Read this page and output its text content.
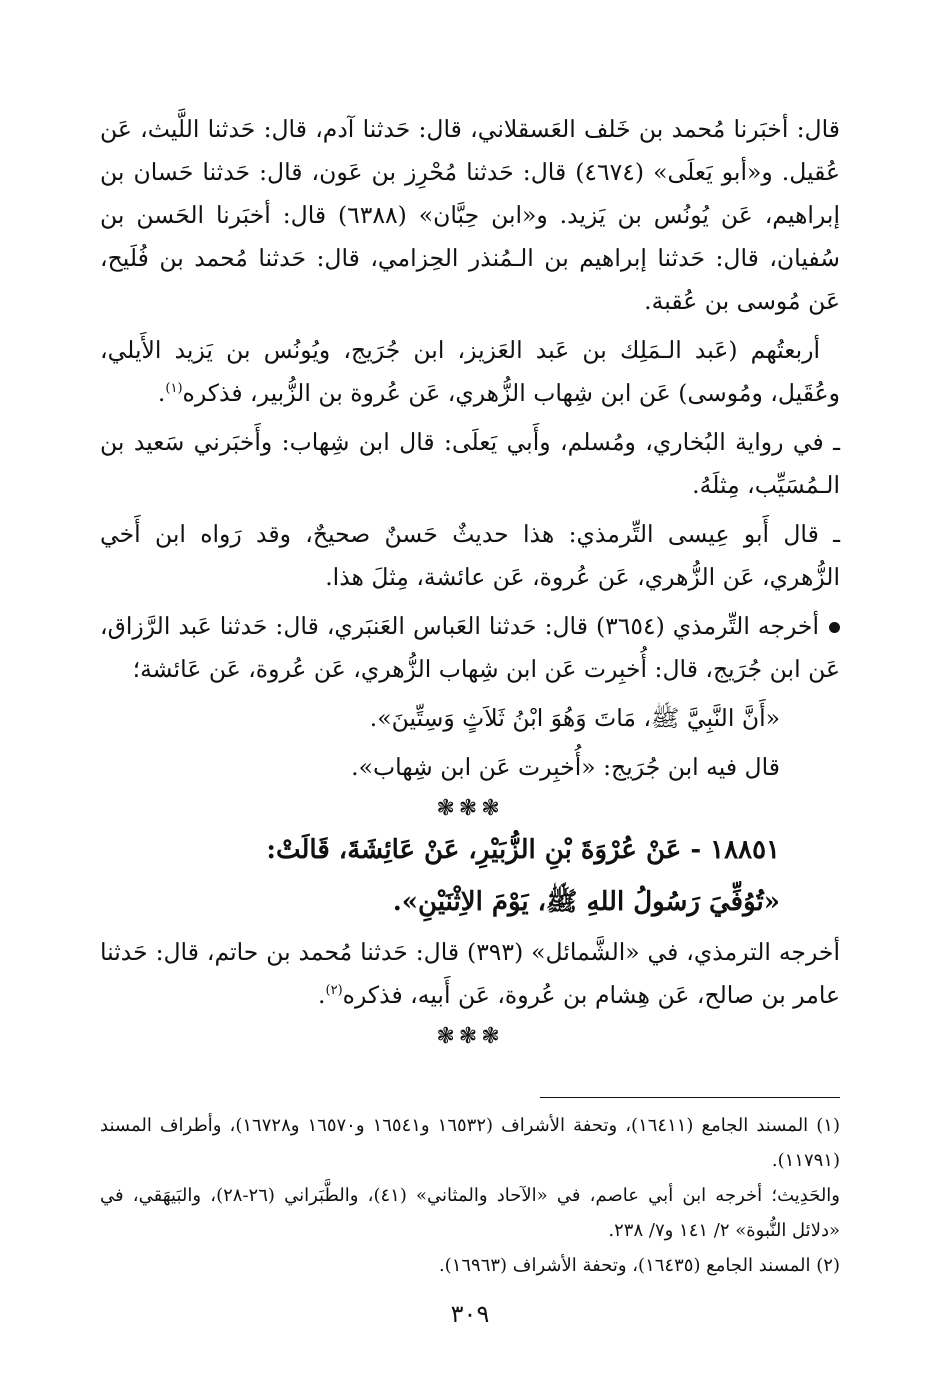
قال: أخبَرنا مُحمد بن خَلف العَسقلاني، قال: حَدثنا آدم، قال: حَدثنا اللَّيث، عَن عُقيل. و«أبو يَعلَى» (٤٦٧٤) قال: حَدثنا مُحْرِز بن عَون، قال: حَدثنا حَسان بن إبراهيم، عَن يُونُس بن يَزيد. و«ابن حِبَّان» (٦٣٨٨) قال: أخبَرنا الحَسن بن سُفيان، قال: حَدثنا إبراهيم بن الـمُنذر الحِزامي، قال: حَدثنا مُحمد بن فُلَيح، عَن مُوسى بن عُقبة.

أربعتُهم (عَبد الـمَلِك بن عَبد العَزيز، ابن جُرَيج، ويُونُس بن يَزيد الأَيلي، وعُقَيل، ومُوسى) عَن ابن شِهاب الزُّهري، عَن عُروة بن الزُّبير، فذكره$^{(١)}$.

ـ في رواية البُخاري، ومُسلم، وأَبي يَعلَى: قال ابن شِهاب: وأَخبَرني سَعيد بن الـمُسَيِّب، مِثلَهُ.

ـ قال أَبو عِيسى التِّرمذي: هذا حديثٌ حَسنٌ صحيحٌ، وقد رَواه ابن أَخي الزُّهري، عَن الزُّهري، عَن عُروة، عَن عائشة، مِثلَ هذا.

أخرجه التِّرمذي (٣٦٥٤) قال: حَدثنا العَباس العَنبَري، قال: حَدثنا عَبد الرَّزاق، عَن ابن جُرَيج، قال: أُخبِرت عَن ابن شِهاب الزُّهري، عَن عُروة، عَن عَائشة؛

«أَنَّ النَّبِيَّ ﷺ، مَاتَ وَهُوَ ابْنُ ثَلاَثٍ وَسِتِّينَ».

قال فيه ابن جُرَيج: «أُخبِرت عَن ابن شِهاب».

❃❃❃

١٨٨٥١ - عَنْ عُرْوَةَ بْنِ الزُّبَيْرِ، عَنْ عَائِشَةَ، قَالَتْ:

«تُوُفِّيَ رَسُولُ اللهِ ﷺ، يَوْمَ الاِثْنَيْنِ».

أخرجه الترمذي، في «الشَّمائل» (٣٩٣) قال: حَدثنا مُحمد بن حاتم، قال: حَدثنا عامر بن صالح، عَن هِشام بن عُروة، عَن أَبيه، فذكره$^{(٢)}$.

❃❃❃

(١) المسند الجامع (١٦٤١١)، وتحفة الأشراف (١٦٥٣٢ و١٦٥٤١ و١٦٥٧٠ و١٦٧٢٨)، وأطراف المسند (١١٧٩١).

والحَدِيث؛ أخرجه ابن أبي عاصم، في «الآحاد والمثاني» (٤١)، والطَّبَراني (٢٦-٢٨)، والبَيهَقي، في «دلائل النُّبوة» ٢/ ١٤١ و٧/ ٢٣٨.

(٢) المسند الجامع (١٦٤٣٥)، وتحفة الأشراف (١٦٩٦٣).

٣٠٩
